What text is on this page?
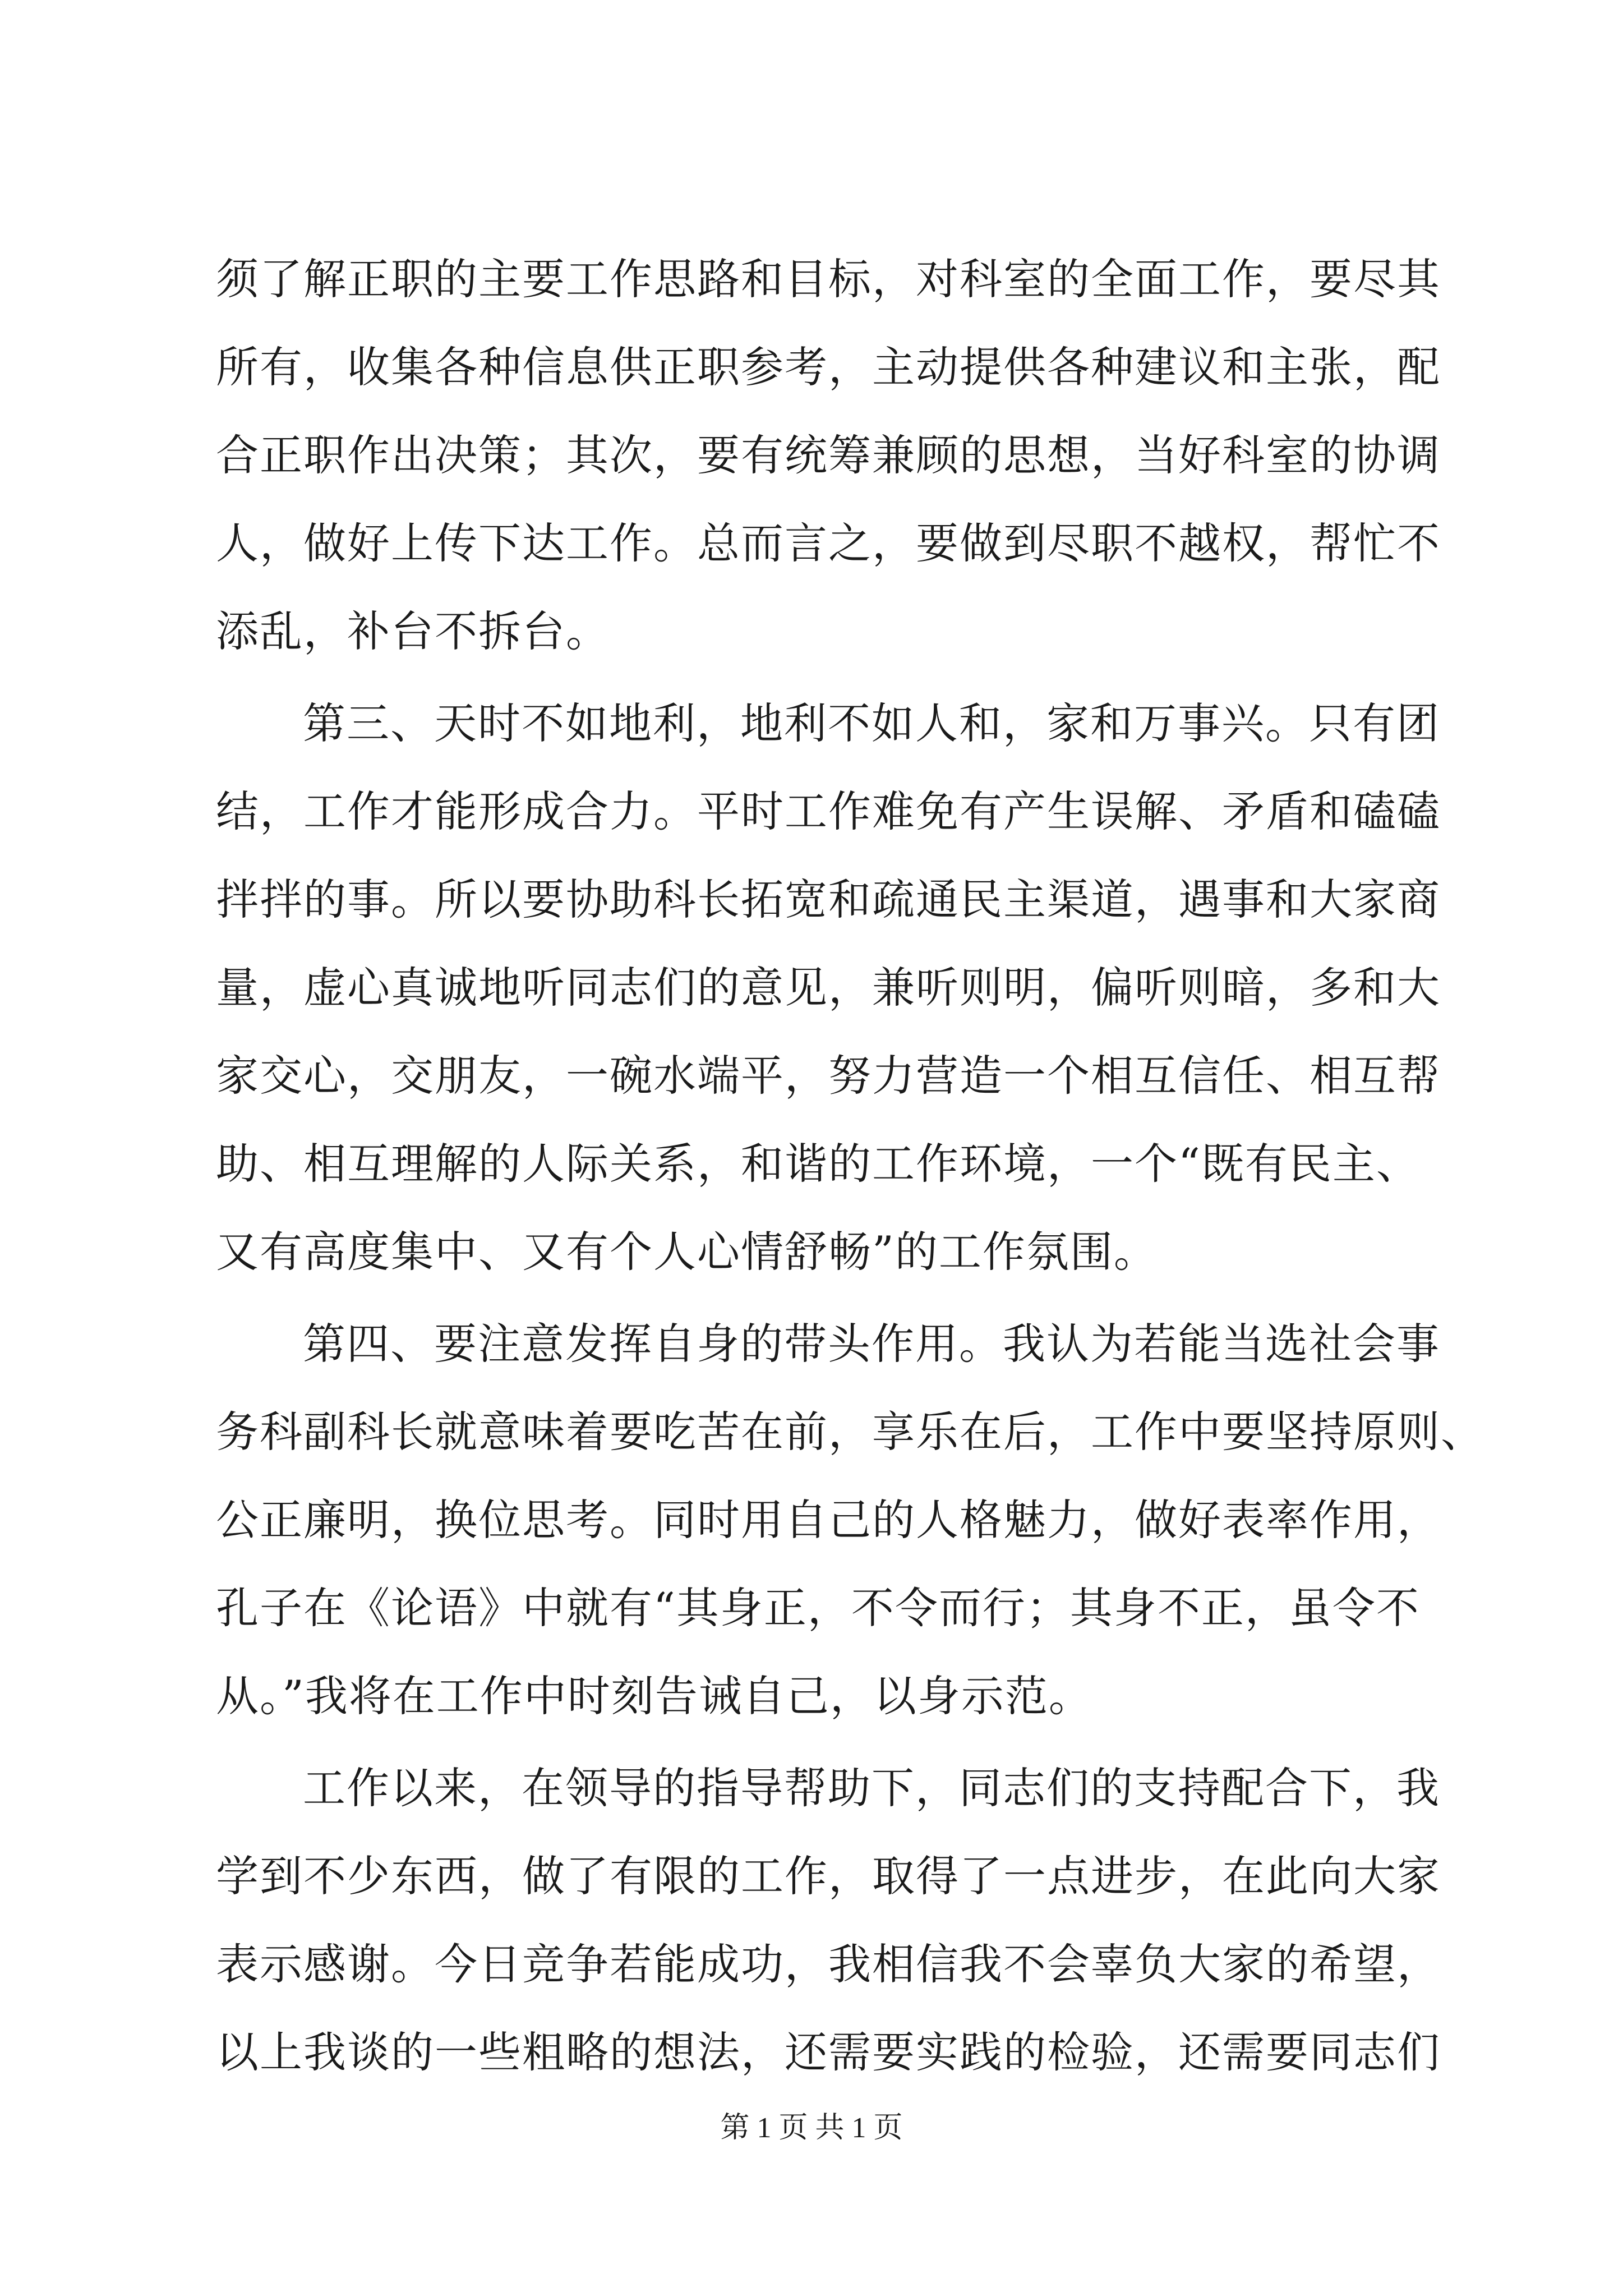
须了解正职的主要工作思路和目标，对科室的全面工作，要尽其
所有，收集各种信息供正职参考，主动提供各种建议和主张，配
合正职作出决策；其次，要有统筹兼顾的思想，当好科室的协调
人，做好上传下达工作。总而言之，要做到尽职不越权，帮忙不
添乱，补台不拆台。
第三、天时不如地利，地利不如人和，家和万事兴。只有团
结，工作才能形成合力。平时工作难免有产生误解、矛盾和磕磕
拌拌的事。所以要协助科长拓宽和疏通民主渠道，遇事和大家商
量，虚心真诚地听同志们的意见，兼听则明，偏听则暗，多和大
家交心，交朋友，一碗水端平，努力营造一个相互信任、相互帮
助、相互理解的人际关系，和谐的工作环境，一个“既有民主、
又有高度集中、又有个人心情舒畅”的工作氛围。
第四、要注意发挥自身的带头作用。我认为若能当选社会事
务科副科长就意味着要吃苦在前，享乐在后，工作中要坚持原则、
公正廉明，换位思考。同时用自己的人格魅力，做好表率作用，
孔子在《论语》中就有“其身正，不令而行；其身不正，虽令不
从。”我将在工作中时刻告诫自己，以身示范。
工作以来，在领导的指导帮助下，同志们的支持配合下，我
学到不少东西，做了有限的工作，取得了一点进步，在此向大家
表示感谢。今日竞争若能成功，我相信我不会辜负大家的希望，
以上我谈的一些粗略的想法，还需要实践的检验，还需要同志们
第 1 页 共 1 页
